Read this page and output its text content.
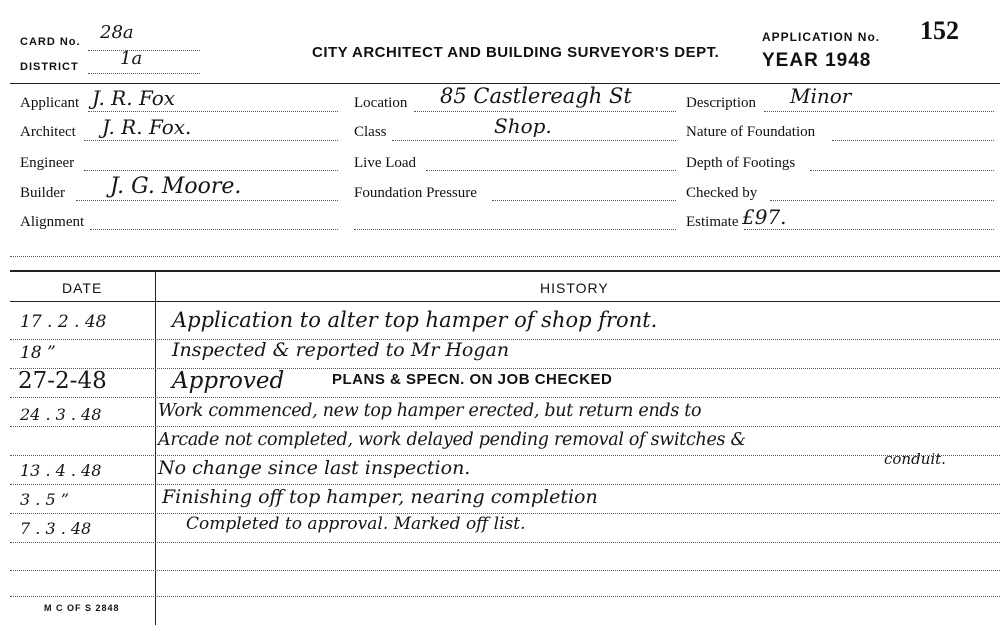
CARD No. 28a
DISTRICT 1a	CITY ARCHITECT AND BUILDING SURVEYOR'S DEPT.
APPLICATION No. 152
YEAR 1948
Applicant J. R. Fox
Architect J. R. Fox.
Engineer
Builder J. G. Moore.
Alignment
Location 85 Castlereagh St
Class	Shop.
Live Load
Foundation Pressure
Description Minor
Nature of Foundation
Depth of Footings
Checked by
Estimate £97.
DATE	HISTORY
17 . 2 . 48	Application to alter top hamper of shop front.
18 ”	Inspected & reported to Mr Hogan
27-2-48	Approved	PLANS & SPECN. ON JOB CHECKED
24 . 3 . 48	Work commenced, new top hamper erected, but return ends to
Arcade not completed, work delayed pending removal of switches &
conduit.
13 . 4 . 48	No change since last inspection.
3 . 5 ”	Finishing off top hamper, nearing completion
7 . 3 . 48	Completed to approval. Marked off list.
M C OF S 2848
